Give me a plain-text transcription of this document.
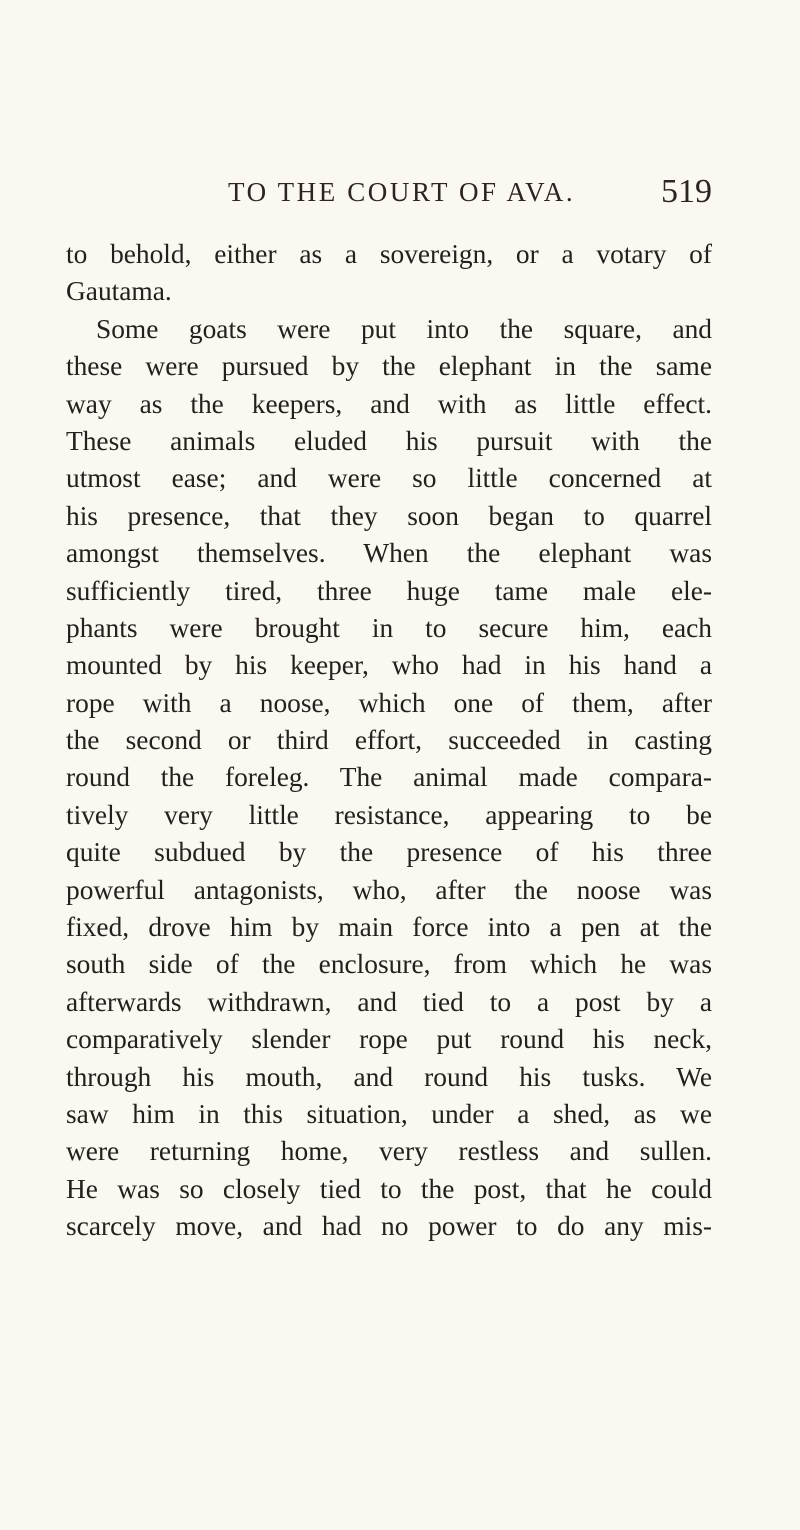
TO THE COURT OF AVA.	519
to behold, either as a sovereign, or a votary of
Gautama.
Some goats were put into the square, and
these were pursued by the elephant in the same
way as the keepers, and with as little effect.
These animals eluded his pursuit with the
utmost ease; and were so little concerned at
his presence, that they soon began to quarrel
amongst themselves. When the elephant was
sufficiently tired, three huge tame male ele-
phants were brought in to secure him, each
mounted by his keeper, who had in his hand a
rope with a noose, which one of them, after
the second or third effort, succeeded in casting
round the foreleg. The animal made compara-
tively very little resistance, appearing to be
quite subdued by the presence of his three
powerful antagonists, who, after the noose was
fixed, drove him by main force into a pen at the
south side of the enclosure, from which he was
afterwards withdrawn, and tied to a post by a
comparatively slender rope put round his neck,
through his mouth, and round his tusks. We
saw him in this situation, under a shed, as we
were returning home, very restless and sullen.
He was so closely tied to the post, that he could
scarcely move, and had no power to do any mis-
